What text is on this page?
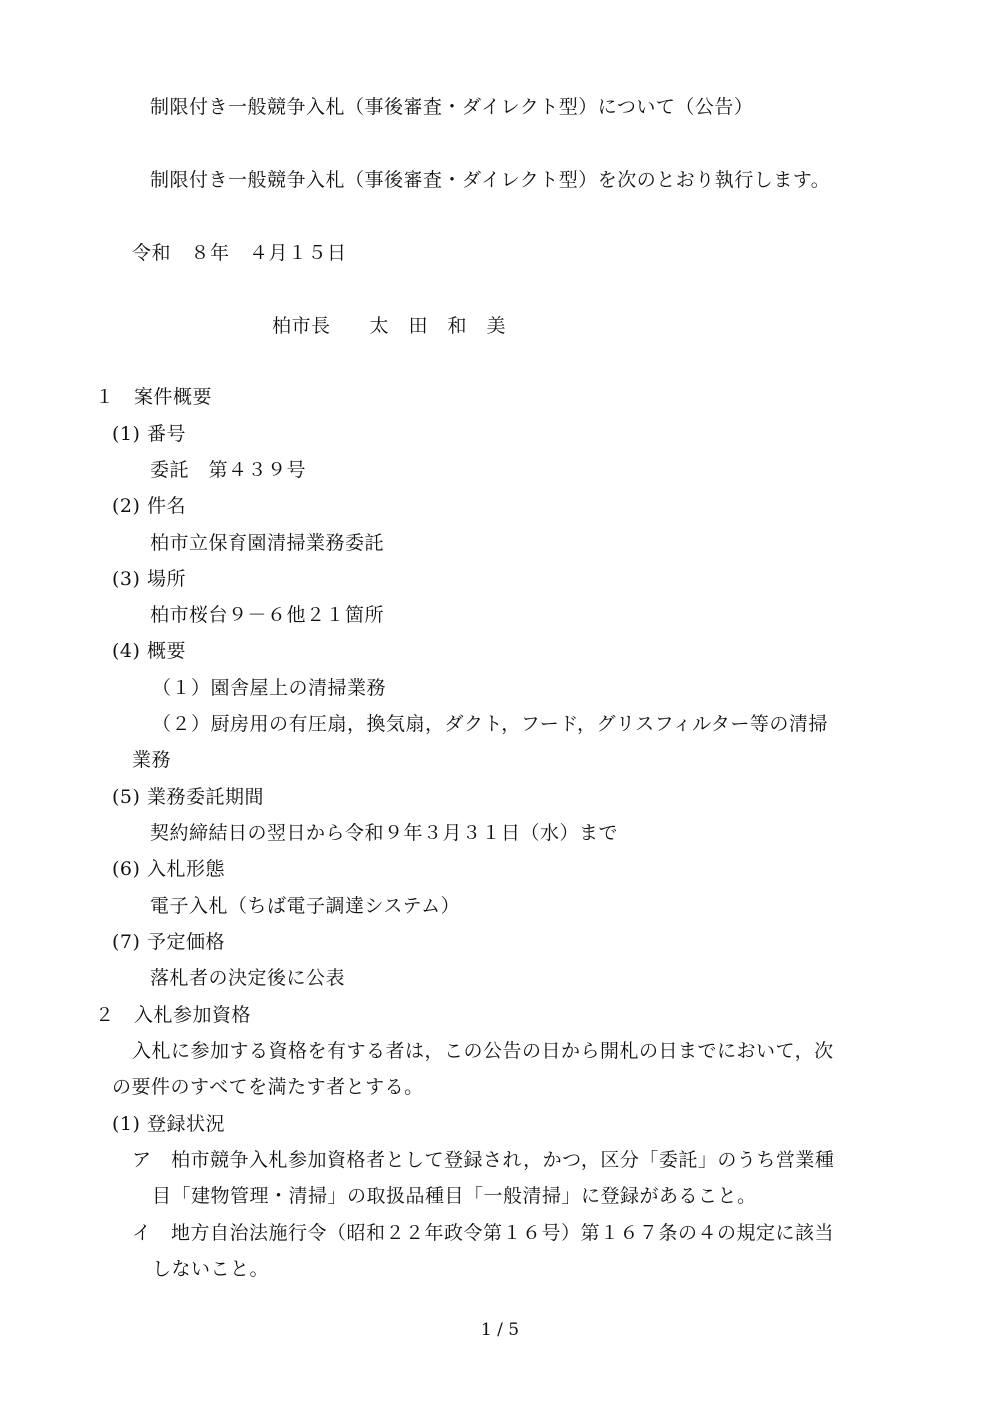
制限付き一般競争入札（事後審査・ダイレクト型）について（公告）
制限付き一般競争入札（事後審査・ダイレクト型）を次のとおり執行します。
令和　８年　４月１５日
柏市長　　太　田　和　美
１　案件概要
(1) 番号
委託　第４３９号
(2) 件名
柏市立保育園清掃業務委託
(3) 場所
柏市桜台９－６他２１箇所
(4) 概要
（１）園舎屋上の清掃業務
（２）厨房用の有圧扇，換気扇，ダクト，フード，グリスフィルター等の清掃
業務
(5) 業務委託期間
契約締結日の翌日から令和９年３月３１日（水）まで
(6) 入札形態
電子入札（ちば電子調達システム）
(7) 予定価格
落札者の決定後に公表
２　入札参加資格
入札に参加する資格を有する者は，この公告の日から開札の日までにおいて，次
の要件のすべてを満たす者とする。
(1) 登録状況
ア　柏市競争入札参加資格者として登録され，かつ，区分「委託」のうち営業種
目「建物管理・清掃」の取扱品種目「一般清掃」に登録があること。
イ　地方自治法施行令（昭和２２年政令第１６号）第１６７条の４の規定に該当
しないこと。
1 / 5
